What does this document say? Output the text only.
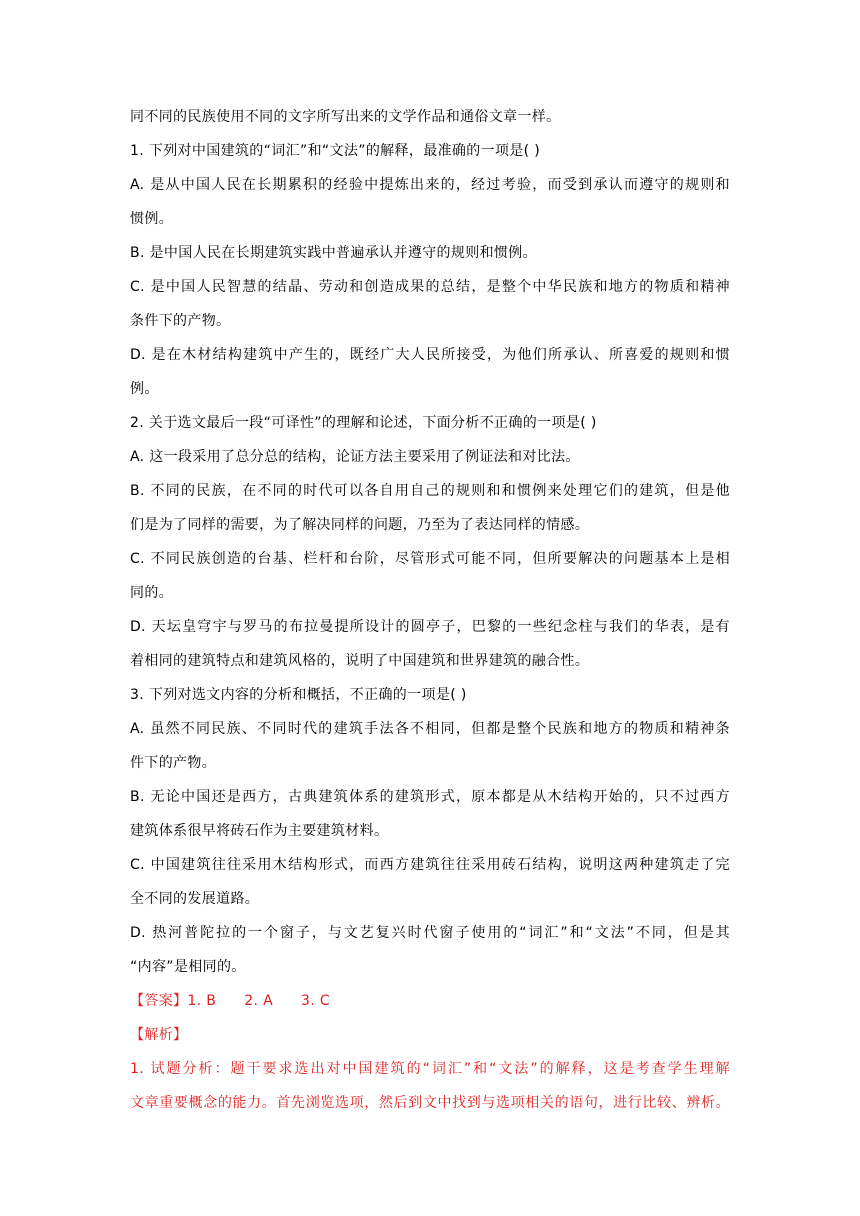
同不同的民族使用不同的文字所写出来的文学作品和通俗文章一样。
1. 下列对中国建筑的“词汇”和“文法”的解释，最准确的一项是( )
A. 是从中国人民在长期累积的经验中提炼出来的，经过考验，而受到承认而遵守的规则和
惯例。
B. 是中国人民在长期建筑实践中普遍承认并遵守的规则和惯例。
C. 是中国人民智慧的结晶、劳动和创造成果的总结，是整个中华民族和地方的物质和精神
条件下的产物。
D. 是在木材结构建筑中产生的，既经广大人民所接受，为他们所承认、所喜爱的规则和惯
例。
2. 关于选文最后一段“可译性”的理解和论述，下面分析不正确的一项是( )
A. 这一段采用了总分总的结构，论证方法主要采用了例证法和对比法。
B. 不同的民族，在不同的时代可以各自用自己的规则和和惯例来处理它们的建筑，但是他
们是为了同样的需要，为了解决同样的问题，乃至为了表达同样的情感。
C. 不同民族创造的台基、栏杆和台阶，尽管形式可能不同，但所要解决的问题基本上是相
同的。
D. 天坛皇穹宇与罗马的布拉曼提所设计的圆亭子，巴黎的一些纪念柱与我们的华表，是有
着相同的建筑特点和建筑风格的，说明了中国建筑和世界建筑的融合性。
3. 下列对选文内容的分析和概括，不正确的一项是( )
A. 虽然不同民族、不同时代的建筑手法各不相同，但都是整个民族和地方的物质和精神条
件下的产物。
B. 无论中国还是西方，古典建筑体系的建筑形式，原本都是从木结构开始的，只不过西方
建筑体系很早将砖石作为主要建筑材料。
C. 中国建筑往往采用木结构形式，而西方建筑往往采用砖石结构，说明这两种建筑走了完
全不同的发展道路。
D. 热河普陀拉的一个窗子，与文艺复兴时代窗子使用的“词汇”和“文法”不同，但是其
“内容”是相同的。
【答案】1. B 2. A 3. C
【解析】
1. 试题分析：题干要求选出对中国建筑的“词汇”和“文法”的解释，这是考查学生理解
文章重要概念的能力。首先浏览选项，然后到文中找到与选项相关的语句，进行比较、辨析。
